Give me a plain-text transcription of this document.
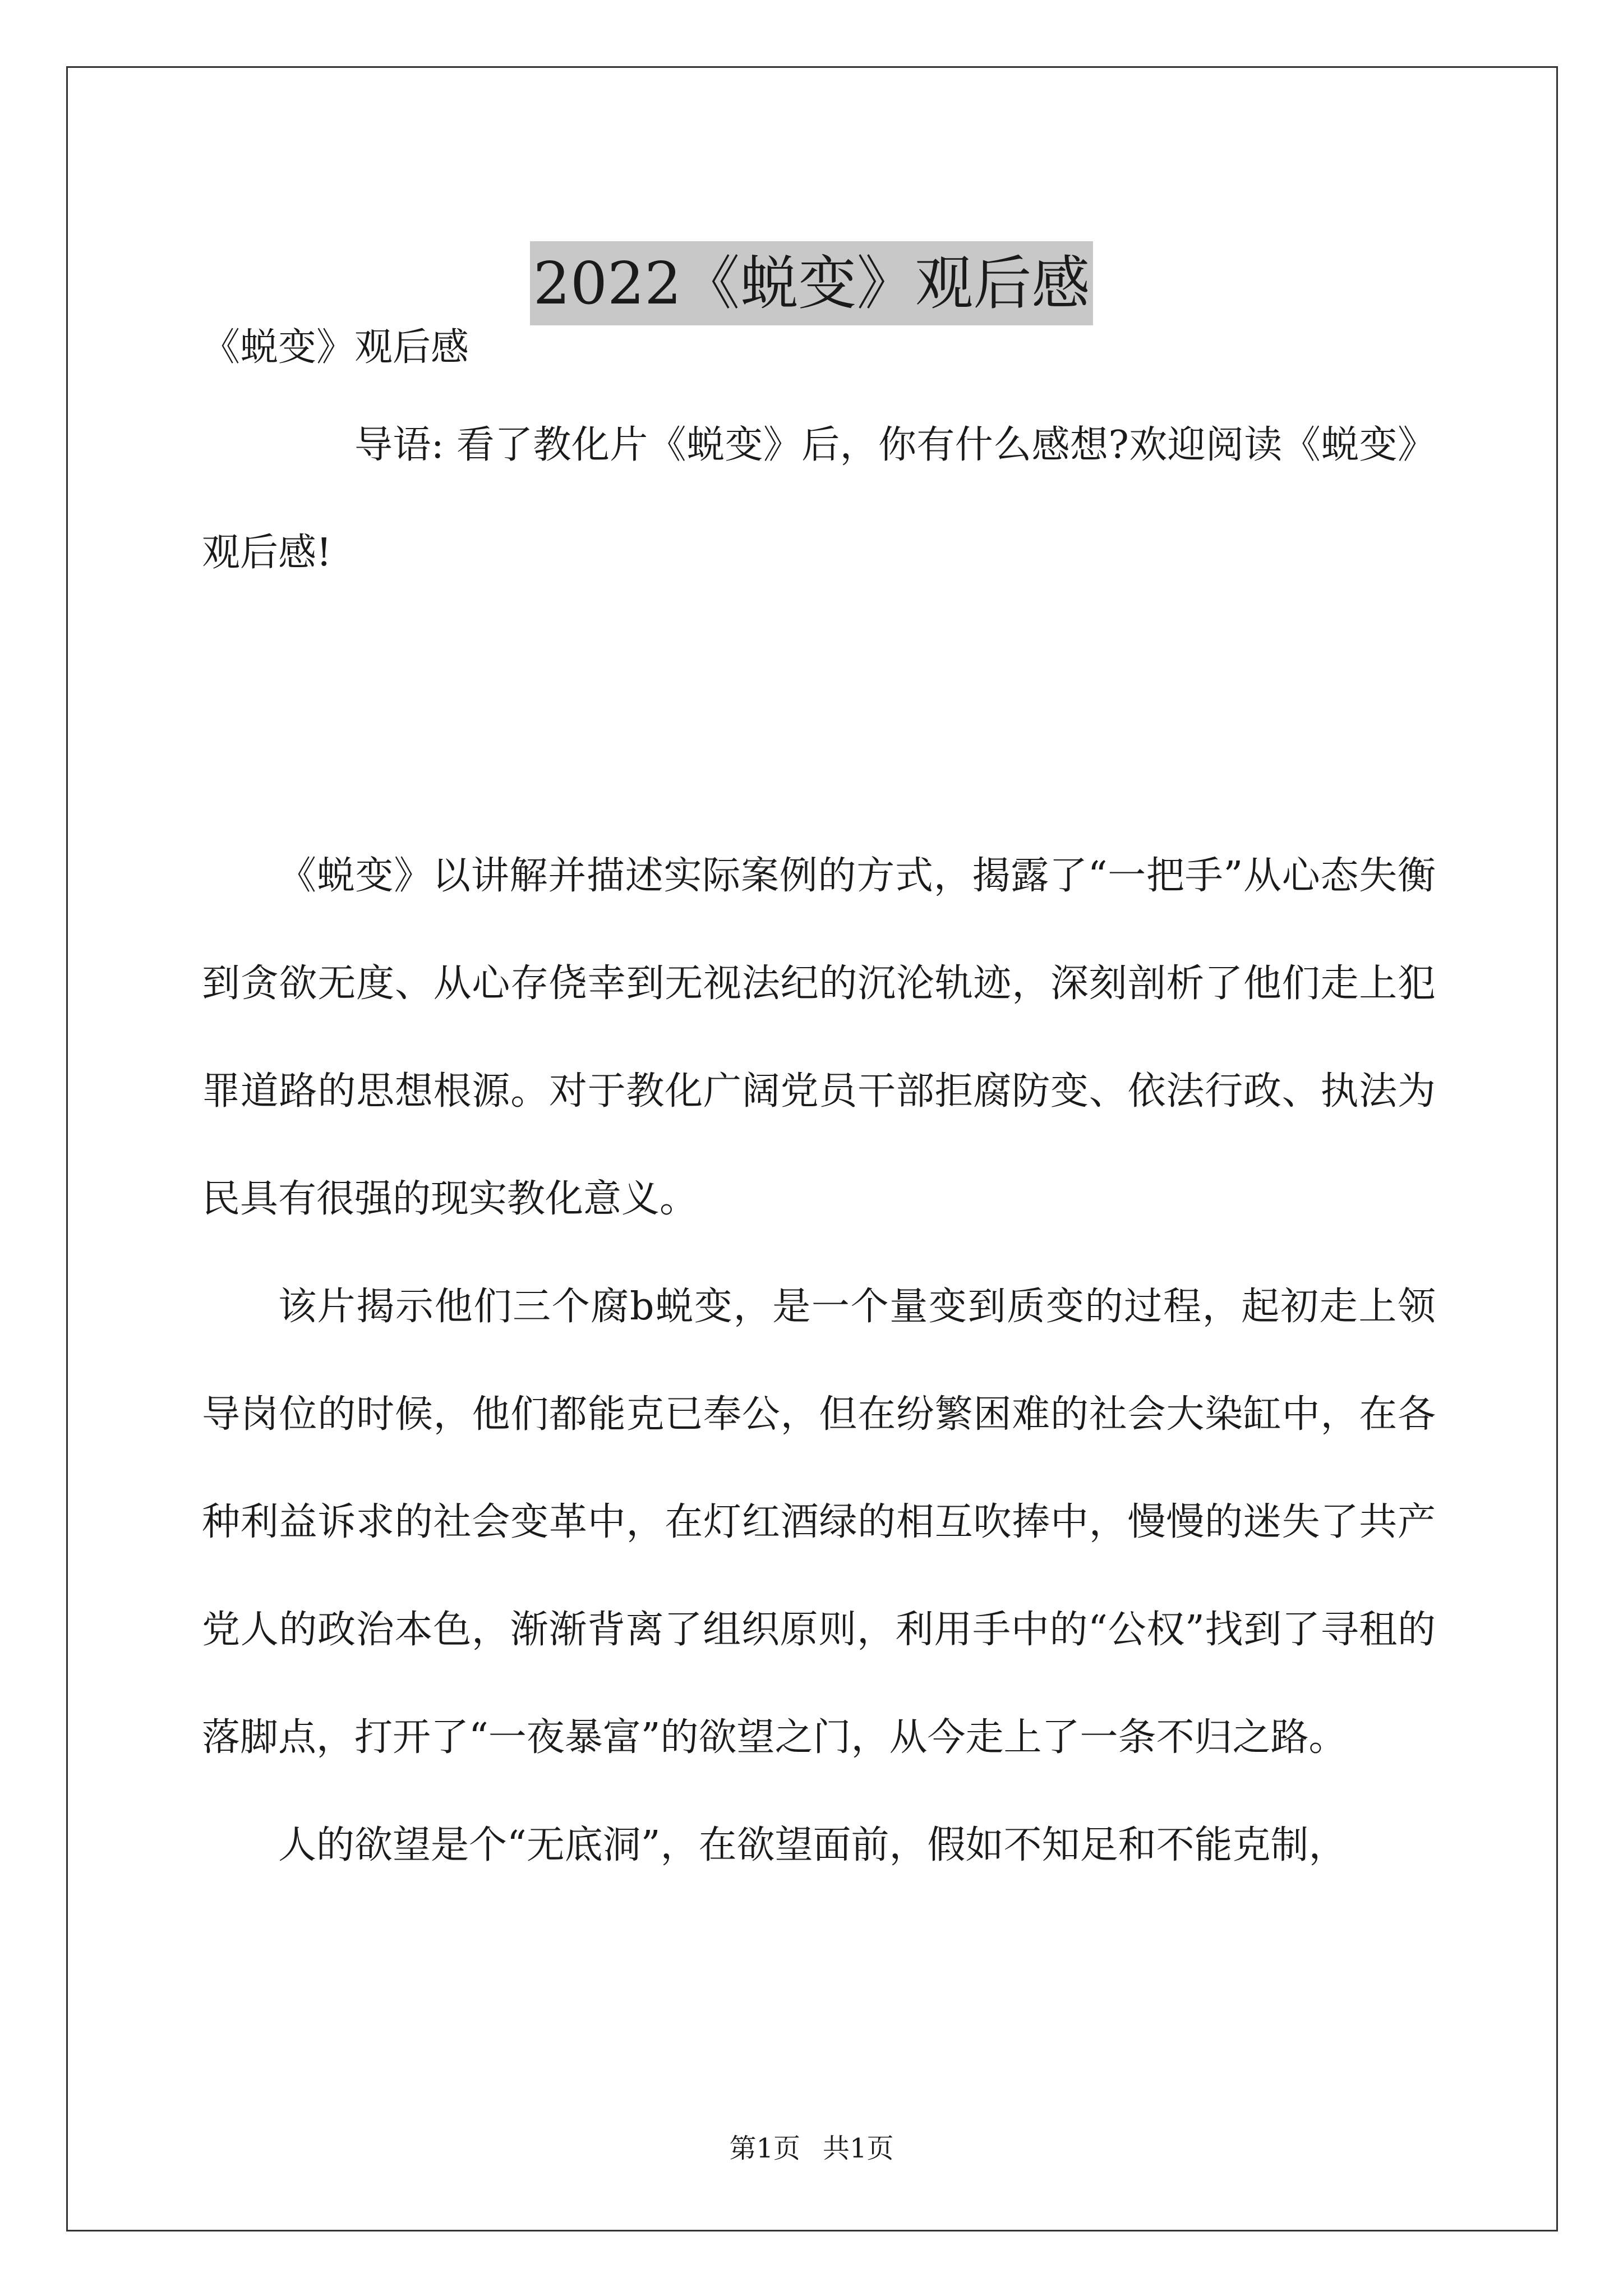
2022《蜕变》观后感

《蜕变》观后感

导语: 看了教化片《蜕变》后，你有什么感想?欢迎阅读《蜕变》观后感!

《蜕变》以讲解并描述实际案例的方式，揭露了“一把手”从心态失衡到贪欲无度、从心存侥幸到无视法纪的沉沦轨迹，深刻剖析了他们走上犯罪道路的思想根源。对于教化广阔党员干部拒腐防变、依法行政、执法为民具有很强的现实教化意义。

该片揭示他们三个腐b蜕变，是一个量变到质变的过程，起初走上领导岗位的时候，他们都能克已奉公，但在纷繁困难的社会大染缸中，在各种利益诉求的社会变革中，在灯红酒绿的相互吹捧中，慢慢的迷失了共产党人的政治本色，渐渐背离了组织原则，利用手中的“公权”找到了寻租的落脚点，打开了“一夜暴富”的欲望之门，从今走上了一条不归之路。

人的欲望是个“无底洞”，在欲望面前，假如不知足和不能克制，

第1页 共1页
